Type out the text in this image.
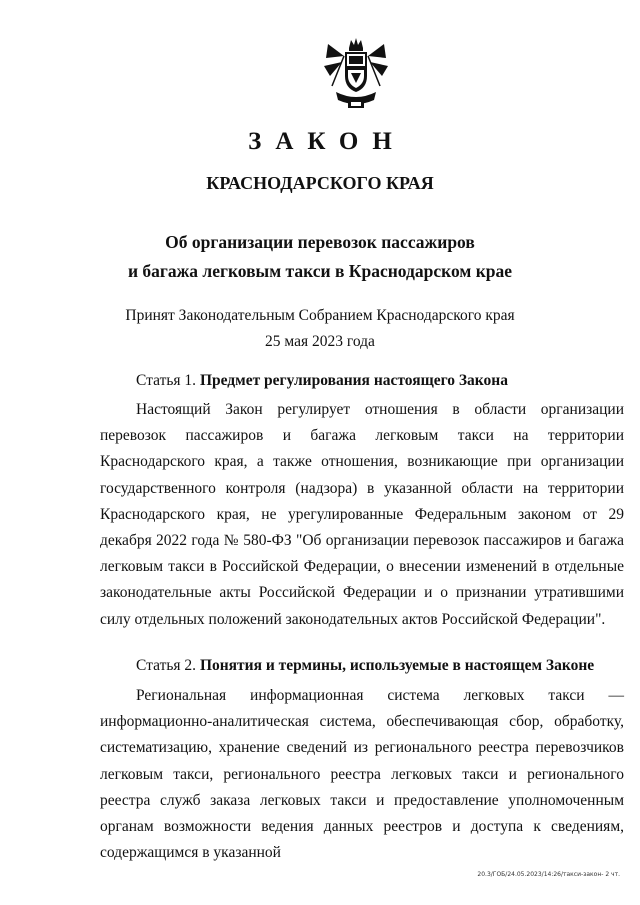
ЗАКОН
КРАСНОДАРСКОГО КРАЯ
Об организации перевозок пассажиров
и багажа легковым такси в Краснодарском крае
Принят Законодательным Собранием Краснодарского края
25 мая 2023 года
Статья 1. Предмет регулирования настоящего Закона

Настоящий Закон регулирует отношения в области организации перевозок пассажиров и багажа легковым такси на территории Краснодарского края, а также отношения, возникающие при организации государственного контроля (надзора) в указанной области на территории Краснодарского края, не урегулированные Федеральным законом от 29 декабря 2022 года № 580-ФЗ "Об организации перевозок пассажиров и багажа легковым такси в Российской Федерации, о внесении изменений в отдельные законодательные акты Российской Федерации и о признании утратившими силу отдельных положений законодательных актов Российской Федерации".

Статья 2. Понятия и термины, используемые в настоящем Законе

Региональная информационная система легковых такси — информационно-аналитическая система, обеспечивающая сбор, обработку, систематизацию, хранение сведений из регионального реестра перевозчиков легковым такси, регионального реестра легковых такси и регионального реестра служб заказа легковых такси и предоставление уполномоченным органам возможности ведения данных реестров и доступа к сведениям, содержащимся в указанной

20.3/ГОБ/24.05.2023/14:26/такси-закон- 2 чт.
